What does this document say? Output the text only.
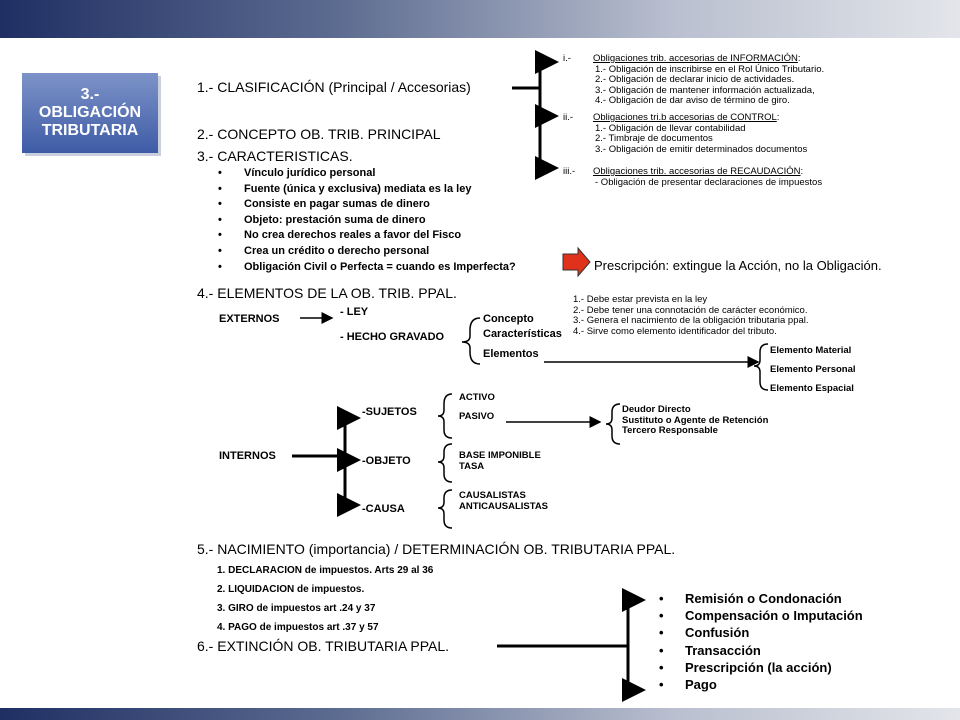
3.-
OBLIGACIÓN
TRIBUTARIA
1.- CLASIFICACIÓN (Principal / Accesorias)
2.- CONCEPTO OB. TRIB. PRINCIPAL
3.- CARACTERISTICAS.
4.- ELEMENTOS DE LA OB. TRIB. PPAL.
5.- NACIMIENTO (importancia) / DETERMINACIÓN OB. TRIBUTARIA PPAL.
6.- EXTINCIÓN OB. TRIBUTARIA PPAL.
i.- Obligaciones trib. accesorias de INFORMACIÓN:
1.- Obligación de inscribirse en el Rol Único Tributario.
2.- Obligación de declarar inicio de actividades.
3.- Obligación de mantener información actualizada,
4.- Obligación de dar aviso de término de giro.
ii.- Obligaciones tri.b accesorias de CONTROL:
1.- Obligación de llevar contabilidad
2.- Timbraje de documentos
3.- Obligación de emitir determinados documentos
iii.- Obligaciones trib. accesorias de RECAUDACIÓN:
- Obligación de presentar declaraciones de impuestos
• Vínculo jurídico personal
• Fuente (única y exclusiva) mediata es la ley
• Consiste en pagar sumas de dinero
• Objeto: prestación suma de dinero
• No crea derechos reales a favor del Fisco
• Crea un crédito o derecho personal
• Obligación Civil o Perfecta = cuando es Imperfecta?	Prescripción: extingue la Acción, no la Obligación.
EXTERNOS
- LEY
- HECHO GRAVADO
Concepto
Características
Elementos
1.- Debe estar prevista en la ley
2.- Debe tener una connotación de carácter económico.
3.- Genera el nacimiento de la obligación tributaria ppal.
4.- Sirve como elemento identificador del tributo.
Elemento Material
Elemento Personal
Elemento Espacial
INTERNOS
-SUJETOS
-OBJETO
-CAUSA
ACTIVO
PASIVO
BASE IMPONIBLE
TASA
CAUSALISTAS
ANTICAUSALISTAS
Deudor Directo
Sustituto o Agente de Retención
Tercero Responsable
1. DECLARACION de impuestos. Arts 29 al 36
2. LIQUIDACION de impuestos.
3. GIRO de impuestos art .24 y 37
4. PAGO de impuestos art .37 y 57
• Remisión o Condonación
• Compensación o Imputación
• Confusión
• Transacción
• Prescripción (la acción)
• Pago
